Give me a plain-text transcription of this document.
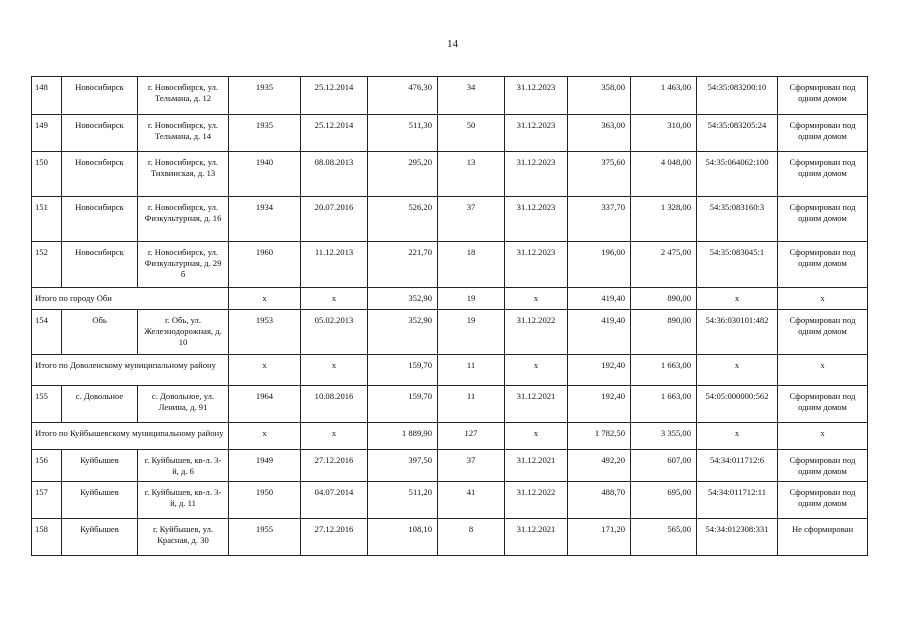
14
148	Новосибирск	г. Новосибирск, ул. Тельмана, д. 12	1935	25.12.2014	476,30	34	31.12.2023	358,00	1 463,00	54:35:083200:10	Сформирован под одним домом
149	Новосибирск	г. Новосибирск, ул. Тельмана, д. 14	1935	25.12.2014	511,30	50	31.12.2023	363,00	310,00	54:35:083205:24	Сформирован под одним домом
150	Новосибирск	г. Новосибирск, ул. Тихвинская, д. 13	1940	08.08.2013	295,20	13	31.12.2023	375,60	4 048,00	54:35:064062:100	Сформирован под одним домом
151	Новосибирск	г. Новосибирск, ул. Физкультурная, д. 16	1934	20.07.2016	526,20	37	31.12.2023	337,70	1 328,00	54:35:083160:3	Сформирован под одним домом
152	Новосибирск	г. Новосибирск, ул. Физкультурная, д. 29 б	1960	11.12.2013	221,70	18	31.12.2023	196,00	2 475,00	54:35:083045:1	Сформирован под одним домом
Итого по городу Оби			x	x	352,90	19	x	419,40	890,00	x	x
154	Обь	г. Обь, ул. Железнодорожная, д. 10	1953	05.02.2013	352,90	19	31.12.2022	419,40	890,00	54:36:030101:482	Сформирован под одним домом
Итого по Доволенскому муниципальному району			x	x	159,70	11	x	192,40	1 663,00	x	x
155	с. Довольное	с. Довольное, ул. Ленина, д. 91	1964	10.08.2016	159,70	11	31.12.2021	192,40	1 663,00	54:05:000000:562	Сформирован под одним домом
Итого по Куйбышевскому муниципальному району			x	x	1 889,90	127	x	1 782,50	3 355,00	x	x
156	Куйбышев	г. Куйбышев, кв-л. 3-й, д. 6	1949	27.12.2016	397,50	37	31.12.2021	492,20	607,00	54:34:011712:6	Сформирован под одним домом
157	Куйбышев	г. Куйбышев, кв-л. 3-й, д. 11	1950	04.07.2014	511,20	41	31.12.2022	488,70	695,00	54:34:011712:11	Сформирован под одним домом
158	Куйбышев	г. Куйбышев, ул. Красная, д. 30	1955	27.12.2016	108,10	8	31.12.2021	171,20	565,00	54:34:012308:331	Не сформирован
